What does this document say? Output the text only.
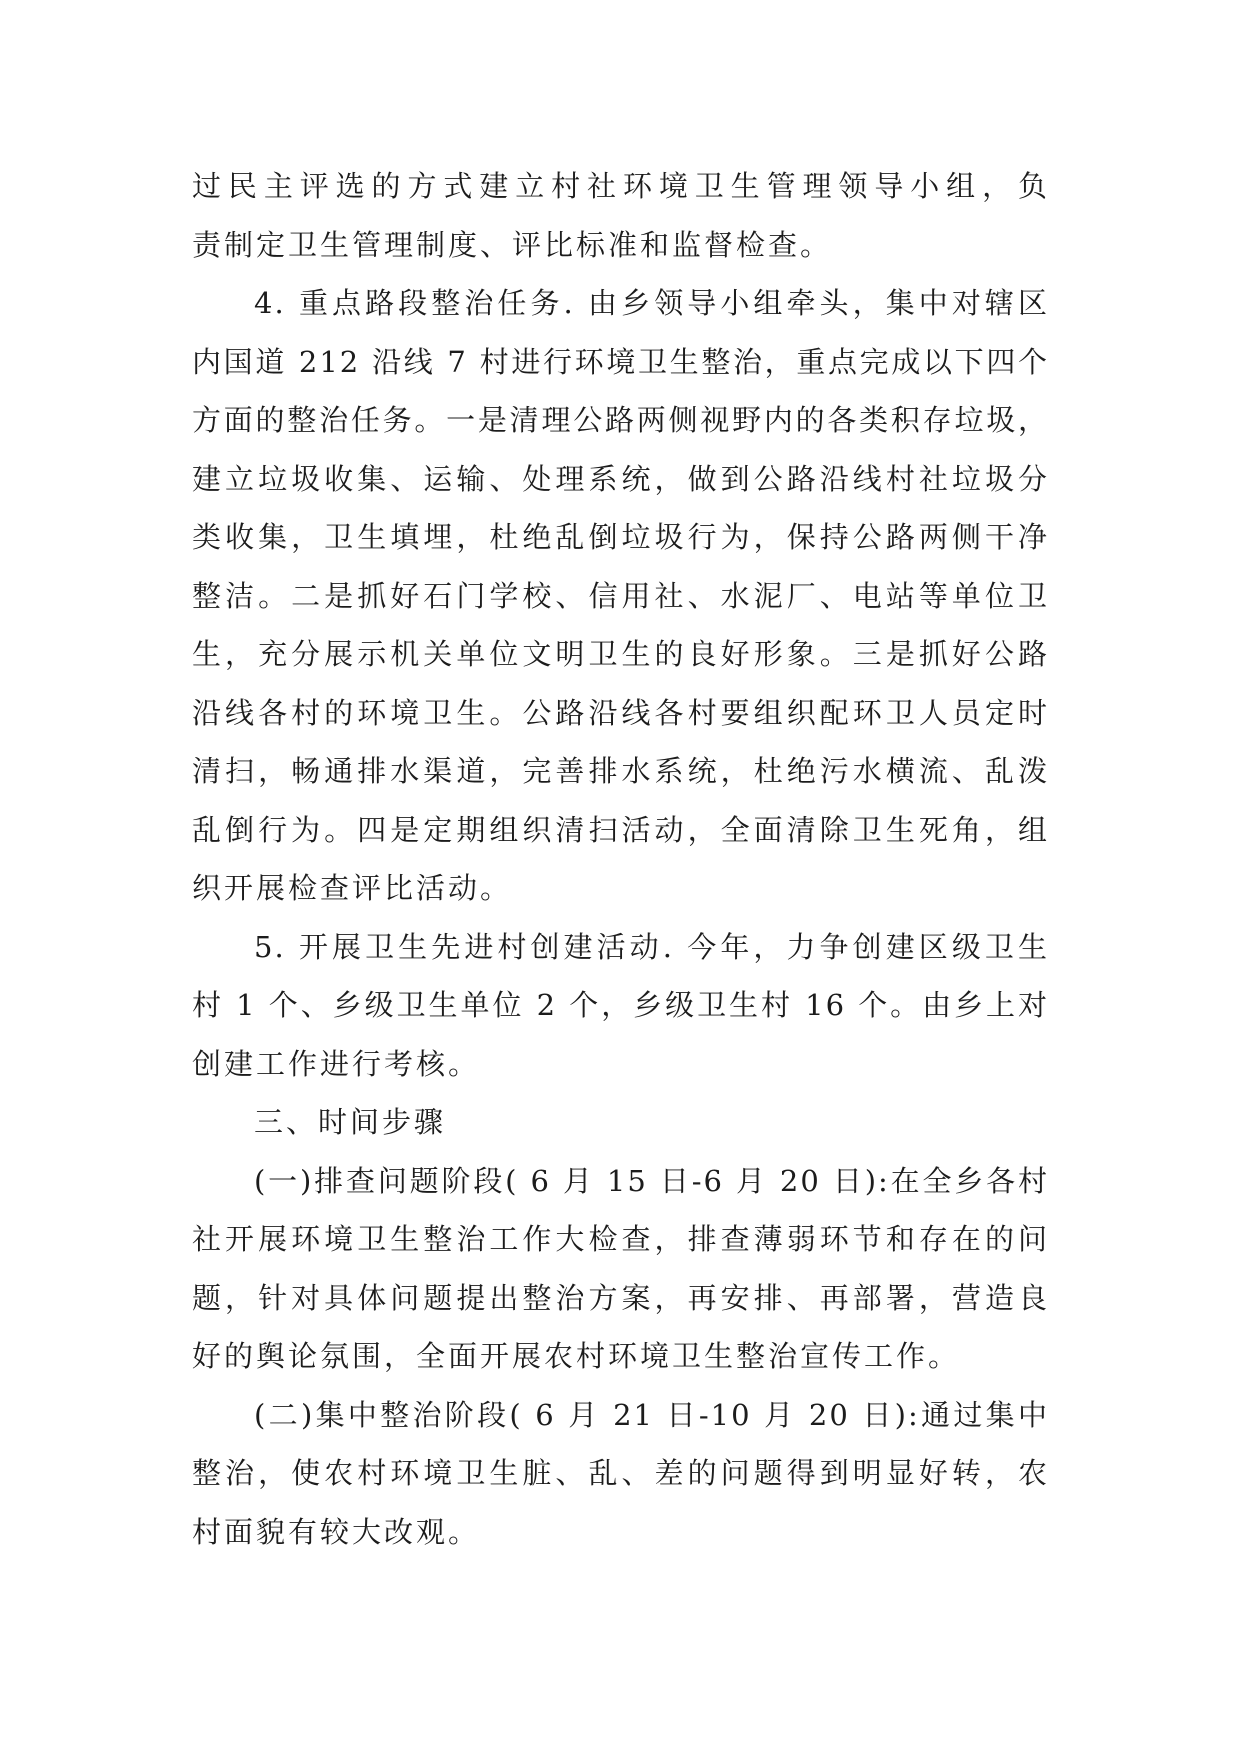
过民主评选的方式建立村社环境卫生管理领导小组，负
责制定卫生管理制度、评比标准和监督检查。
4. 重点路段整治任务. 由乡领导小组牵头，集中对辖区
内国道 212 沿线 7 村进行环境卫生整治，重点完成以下四个
方面的整治任务。一是清理公路两侧视野内的各类积存垃圾，
建立垃圾收集、运输、处理系统，做到公路沿线村社垃圾分
类收集，卫生填埋，杜绝乱倒垃圾行为，保持公路两侧干净
整洁。二是抓好石门学校、信用社、水泥厂、电站等单位卫
生，充分展示机关单位文明卫生的良好形象。三是抓好公路
沿线各村的环境卫生。公路沿线各村要组织配环卫人员定时
清扫，畅通排水渠道，完善排水系统，杜绝污水横流、乱泼
乱倒行为。四是定期组织清扫活动，全面清除卫生死角，组
织开展检查评比活动。
5. 开展卫生先进村创建活动. 今年，力争创建区级卫生
村 1 个、乡级卫生单位 2 个，乡级卫生村 16 个。由乡上对
创建工作进行考核。
三、时间步骤
(一)排查问题阶段( 6 月 15 日-6 月 20 日):在全乡各村
社开展环境卫生整治工作大检查，排查薄弱环节和存在的问
题，针对具体问题提出整治方案，再安排、再部署，营造良
好的舆论氛围，全面开展农村环境卫生整治宣传工作。
(二)集中整治阶段( 6 月 21 日-10 月 20 日):通过集中
整治，使农村环境卫生脏、乱、差的问题得到明显好转，农
村面貌有较大改观。
